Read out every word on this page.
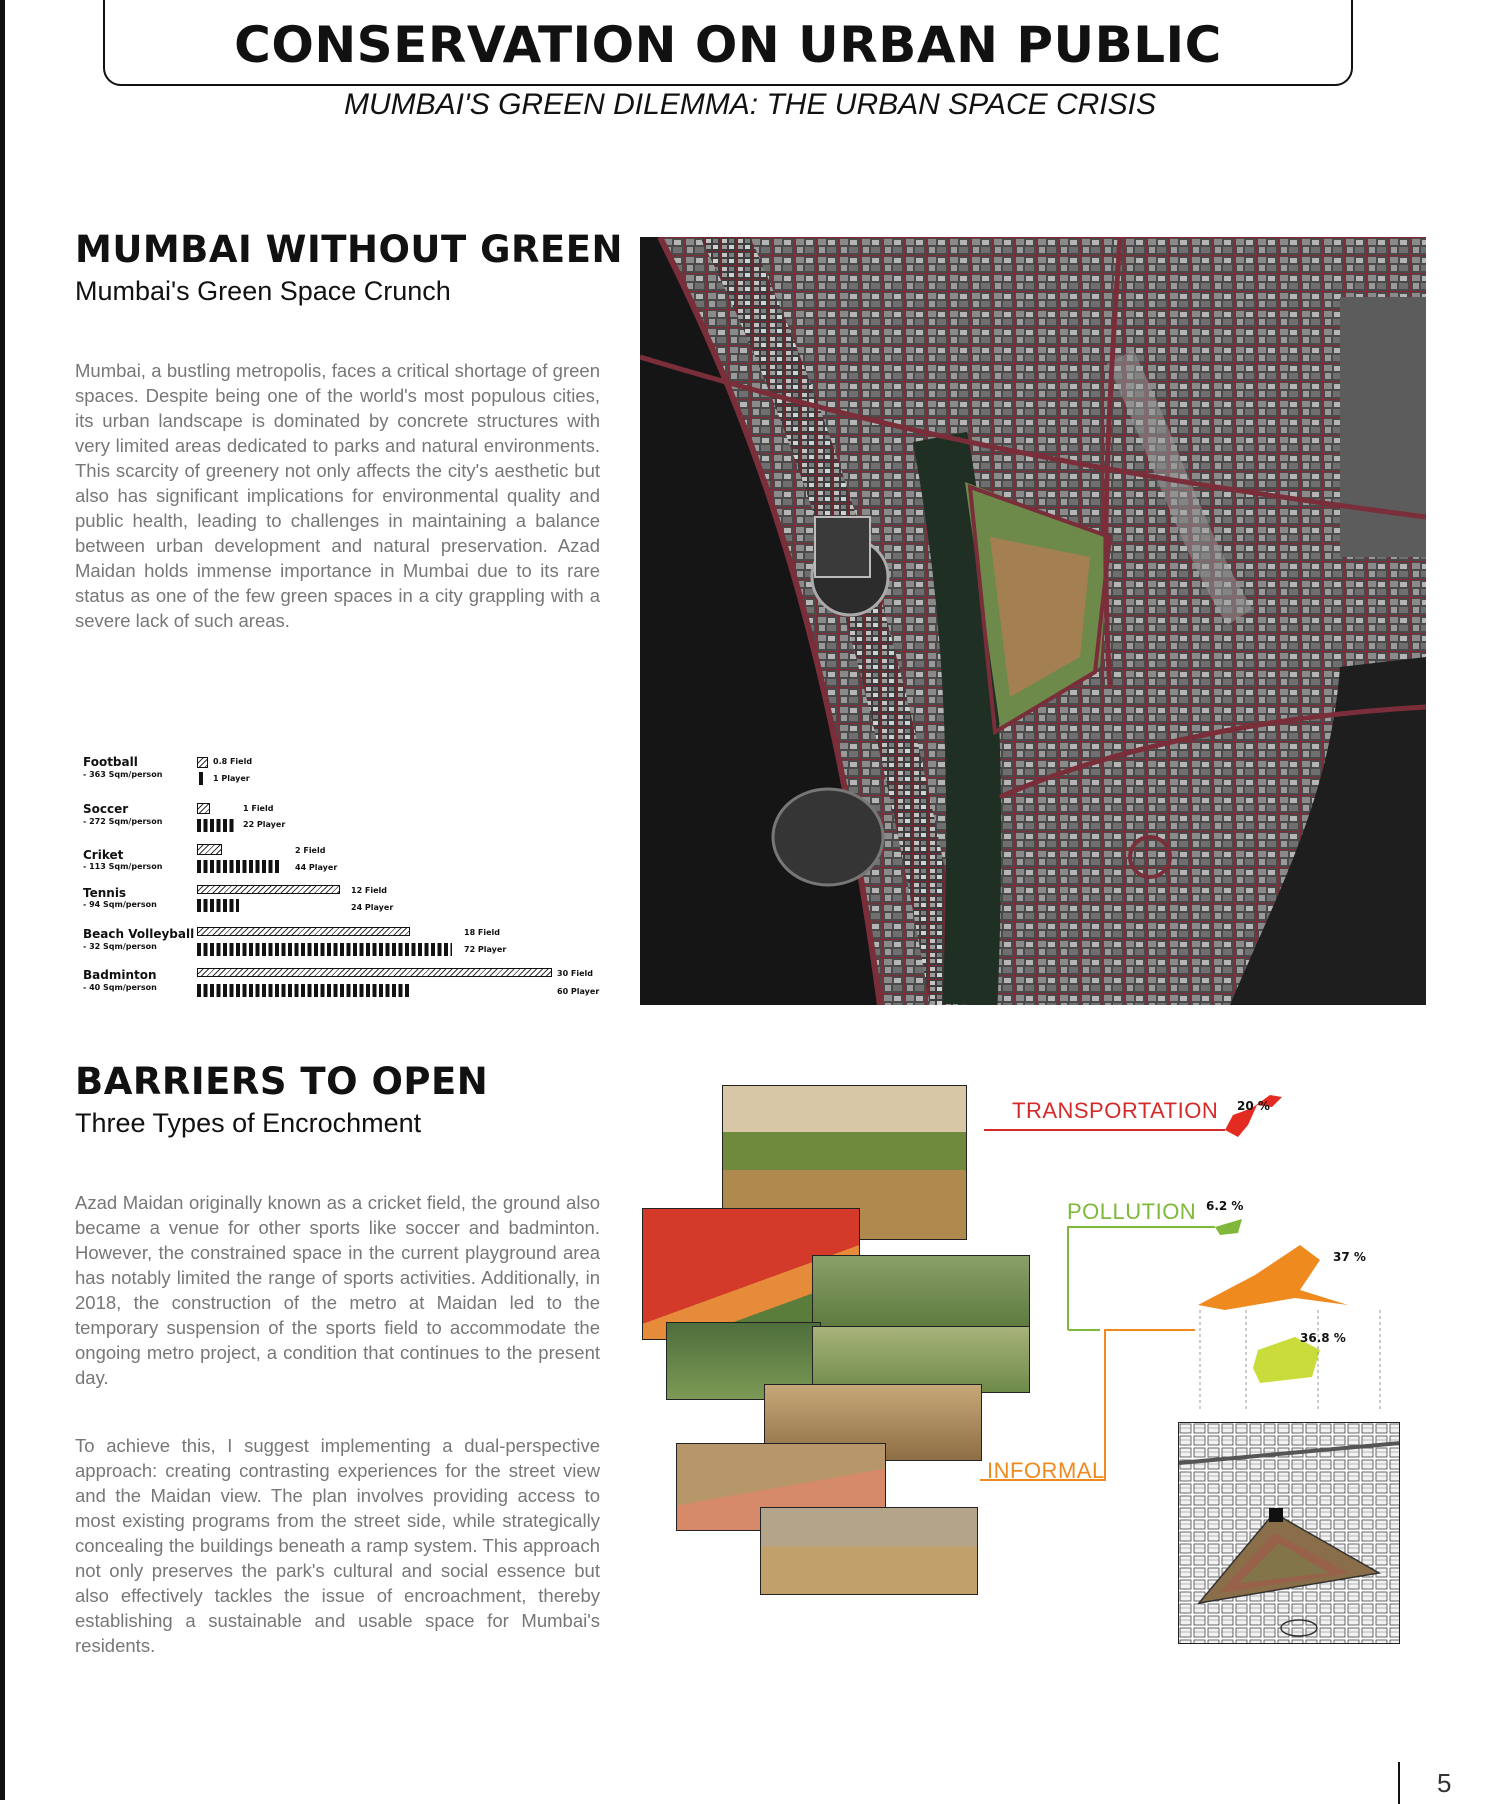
CONSERVATION ON URBAN PUBLIC
MUMBAI'S GREEN DILEMMA: THE URBAN SPACE CRISIS
MUMBAI WITHOUT GREEN
Mumbai's Green Space Crunch
Mumbai, a bustling metropolis, faces a critical shortage of green spaces. Despite being one of the world's most populous cities, its urban landscape is dominated by concrete structures with very limited areas dedicated to parks and natural environments. This scarcity of greenery not only affects the city's aesthetic but also has significant implications for environmental quality and public health, leading to challenges in maintaining a balance between urban development and natural preservation. Azad Maidan holds immense importance in Mumbai due to its rare status as one of the few green spaces in a city grappling with a severe lack of such areas.
Football
- 363 Sqm/person
0.8 Field
1 Player
Soccer
- 272 Sqm/person
1 Field
22 Player
Criket
- 113 Sqm/person
2 Field
44 Player
Tennis
- 94 Sqm/person
12 Field
24 Player
Beach Volleyball
- 32 Sqm/person
18 Field
72 Player
Badminton
- 40 Sqm/person
30 Field
60 Player
BARRIERS TO OPEN
Three Types of Encrochment
Azad Maidan originally known as a cricket field, the ground also became a venue for other sports like soccer and badminton. However, the constrained space in the current playground area has notably limited the range of sports activities. Additionally, in 2018, the construction of the metro at Maidan led to the temporary suspension of the sports field to accommodate the ongoing metro project, a condition that continues to the present day.
To achieve this, I suggest implementing a dual-perspective approach: creating contrasting experiences for the street view and the Maidan view. The plan involves providing access to most existing programs from the street side, while strategically concealing the buildings beneath a ramp system. This approach not only preserves the park's cultural and social essence but also effectively tackles the issue of encroachment, thereby establishing a sustainable and usable space for Mumbai's residents.
TRANSPORTATION 20 %
POLLUTION 6.2 %
37 %
36.8 %
INFORMAL
5
